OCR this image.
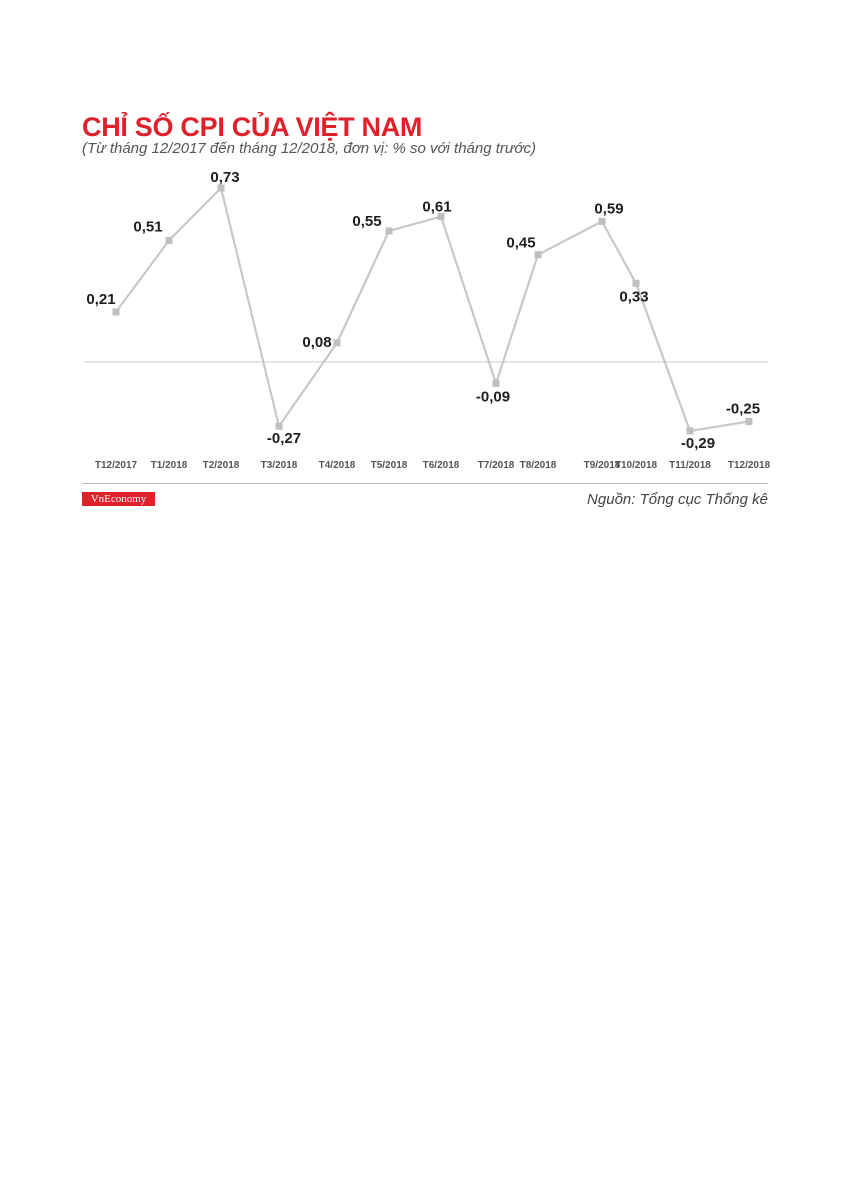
CHỈ SỐ CPI CỦA VIỆT NAM

(Từ tháng 12/2017 đến tháng 12/2018, đơn vị: % so với tháng trước)

0,21
0,51
0,73
-0,27
0,08
0,55
0,61
-0,09
0,45
0,59
0,33
-0,29
-0,25
T12/2017 T1/2018 T2/2018 T3/2018 T4/2018 T5/2018 T6/2018 T7/2018 T8/2018	T9/2018
T10/2018 T11/2018 T12/2018
VnEconomy	Nguồn: Tổng cục Thống kê
